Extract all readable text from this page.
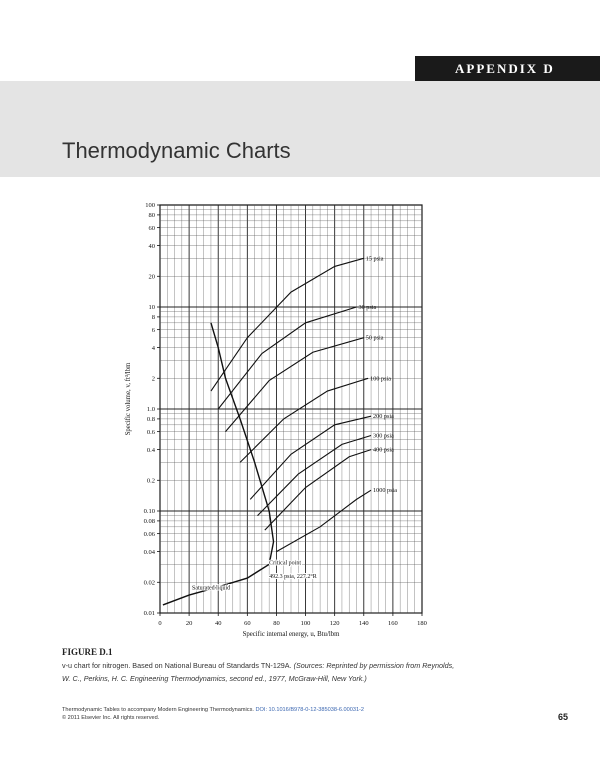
APPENDIX D
Thermodynamic Charts
15 psia
30 psia
50 psia
100 psia
200 psia
300 psia
400 psia
1000 psia
0.01
0.02
0.04
0.06
0.08
0.10
0.2
0.4
0.6
0.8
1.0
2
4
6
8
10
20
40
60
80
100
0	20	40	60	80	100	120	140	160	180
Specific internal energy, u, Btu/lbm
Specific volume, v, ft³/lbm
Critical point
492.3 psia, 227.2°R
Saturated liquid
FIGURE D.1
v-u chart for nitrogen. Based on National Bureau of Standards TN-129A. (Sources: Reprinted by permission from Reynolds,
W. C., Perkins, H. C. Engineering Thermodynamics, second ed., 1977, McGraw-Hill, New York.)
Thermodynamic Tables to accompany Modern Engineering Thermodynamics. DOI: 10.1016/B978-0-12-385038-6.00031-2
© 2011 Elsevier Inc. All rights reserved.	65
